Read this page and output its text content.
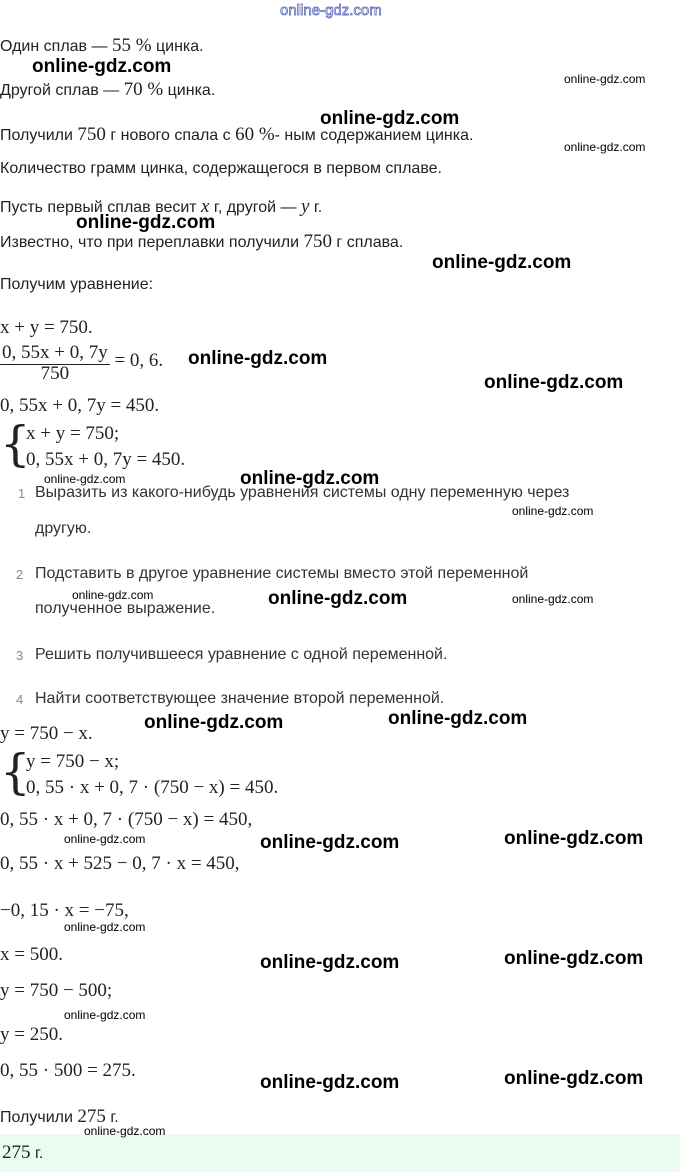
online-gdz.com
Один сплав — 55 % цинка.
Другой сплав — 70 % цинка.
Получили 750 г нового спала с 60 %- ным содержанием цинка.
Количество грамм цинка, содержащегося в первом сплаве.
Пусть первый сплав весит x г, другой — y г.
Известно, что при переплавки получили 750 г сплава.
Получим уравнение:
x + y = 750.
$\frac{0, 55x + 0, 7y}{750} = 0$, 6.
0, 55x + 0, 7y = 450.
{
x + y = 750;
0, 55x + 0, 7y = 450.
1 Выразить из какого-нибудь уравнения системы одну переменную через
другую.
2 Подставить в другое уравнение системы вместо этой переменной
полученное выражение.
3 Решить получившееся уравнение с одной переменной.
4 Найти соответствующее значение второй переменной.
y = 750 − x.
{
y = 750 − x;
0, 55 · x + 0, 7 · (750 − x) = 450.
0, 55 · x + 0, 7 · (750 − x) = 450,
0, 55 · x + 525 − 0, 7 · x = 450,
−0, 15 · x = −75,
x = 500.
y = 750 − 500;
y = 250.
0, 55 · 500 = 275.
Получили 275 г.
275 г.
online-gdz.com
online-gdz.com
online-gdz.com
online-gdz.com
online-gdz.com
online-gdz.com
online-gdz.com
online-gdz.com
online-gdz.com	online-gdz.com
online-gdz.com	online-gdz.com
online-gdz.com	online-gdz.com
online-gdz.com	online-gdz.com
online-gdz.com
online-gdz.com
online-gdz.com
online-gdz.com
online-gdz.com	online-gdz.com
online-gdz.com
online-gdz.com
online-gdz.com
online-gdz.com
